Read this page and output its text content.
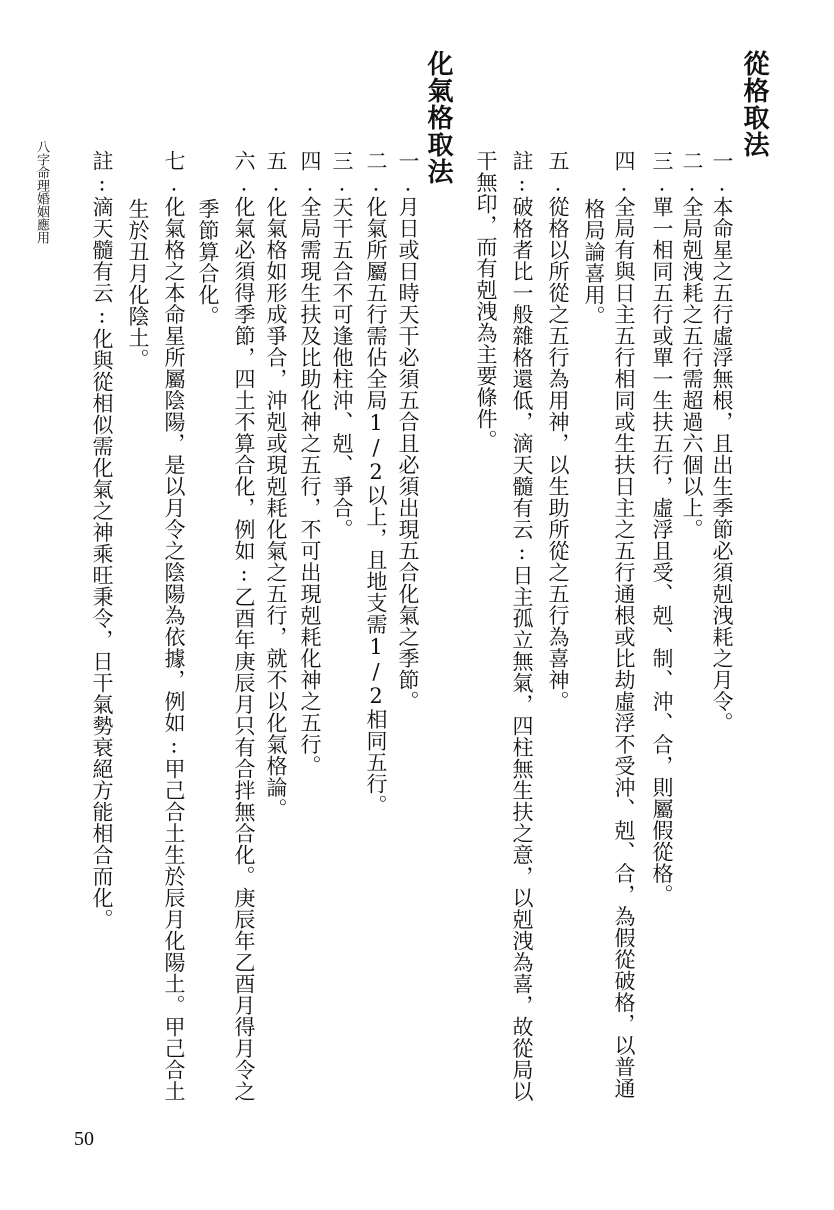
從格取法
一.本命星之五行虛浮無根，且出生季節必須剋洩耗之月令。
二.全局剋洩耗之五行需超過六個以上。
三.單一相同五行或單一生扶五行，虛浮且受、剋、制、沖、合，則屬假從格。
四.全局有與日主五行相同或生扶日主之五行通根或比劫虛浮不受沖、剋、合，為假從破格，以普通
格局論喜用。
五.從格以所從之五行為用神，以生助所從之五行為喜神。
註:破格者比一般雜格還低，滴天髓有云:日主孤立無氣，四柱無生扶之意，以剋洩為喜，故從局以
干無印，而有剋洩為主要條件。
化氣格取法
一.月日或日時天干必須五合且必須出現五合化氣之季節。
二.化氣所屬五行需佔全局1/2以上，且地支需1/2相同五行。
三.天干五合不可逢他柱沖、剋、爭合。
四.全局需現生扶及比助化神之五行，不可出現剋耗化神之五行。
五.化氣格如形成爭合，沖剋或現剋耗化氣之五行，就不以化氣格論。
六.化氣必須得季節，四土不算合化，例如:乙酉年庚辰月只有合拌無合化。庚辰年乙酉月得月令之
季節算合化。
七.化氣格之本命星所屬陰陽，是以月令之陰陽為依據，例如:甲己合土生於辰月化陽土。甲己合土
生於丑月化陰土。
註:滴天髓有云:化與從相似需化氣之神乘旺秉令，日干氣勢衰絕方能相合而化。
八字命理婚姻應用
50
